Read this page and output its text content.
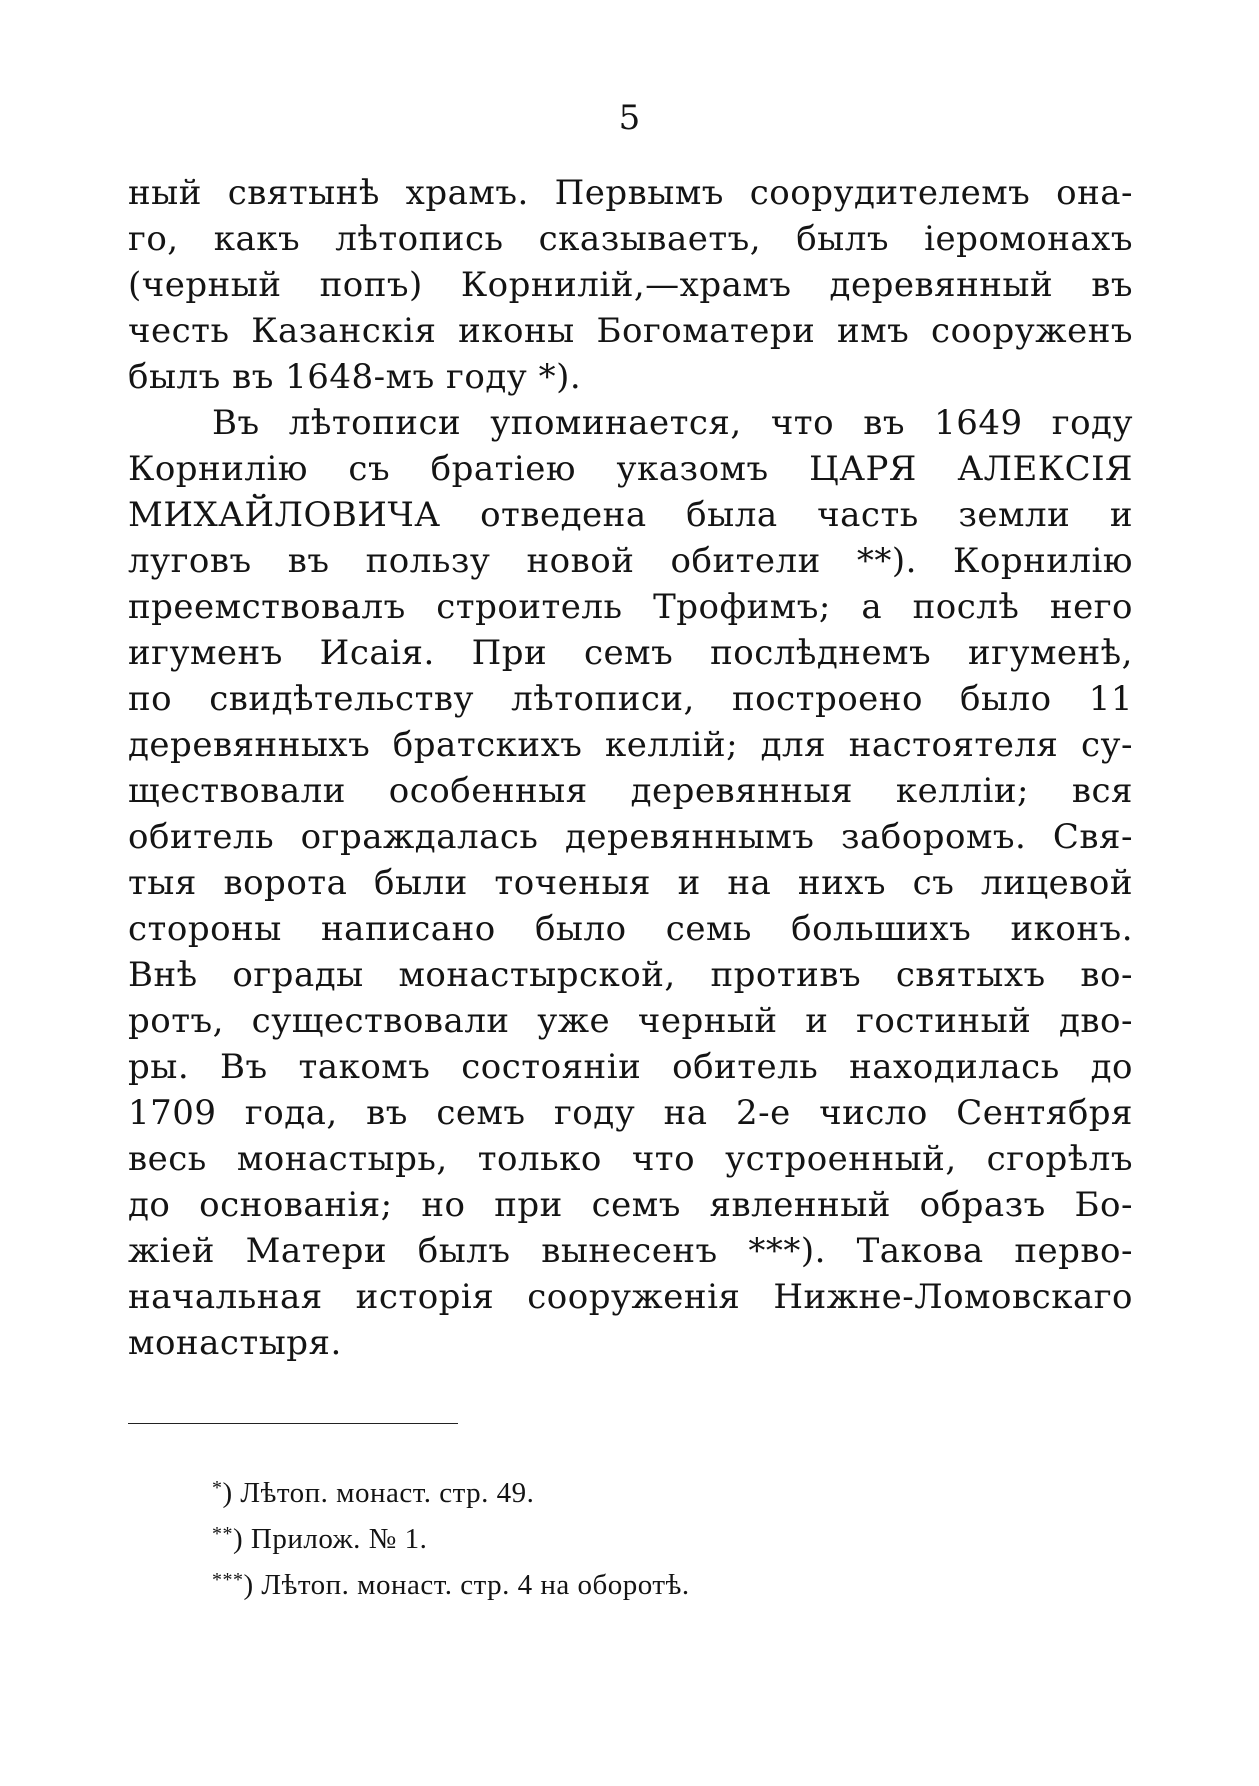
5
ный святынѣ храмъ. Первымъ соорудителемъ она-
го, какъ лѣтопись сказываетъ, былъ іеромонахъ
(черный попъ) Корнилій,—храмъ деревянный въ
честь Казанскія иконы Богоматери имъ сооруженъ
былъ въ 1648-мъ году *).
Въ лѣтописи упоминается, что въ 1649 году
Корнилію съ братіею указомъ ЦАРЯ АЛЕКСІЯ
МИХАЙЛОВИЧА отведена была часть земли и
луговъ въ пользу новой обители **). Корнилію
преемствовалъ строитель Трофимъ; а послѣ него
игуменъ Исаія. При семъ послѣднемъ игуменѣ,
по свидѣтельству лѣтописи, построено было 11
деревянныхъ братскихъ келлій; для настоятеля су-
ществовали особенныя деревянныя келліи; вся
обитель ограждалась деревяннымъ заборомъ. Свя-
тыя ворота были точеныя и на нихъ съ лицевой
стороны написано было семь большихъ иконъ.
Внѣ ограды монастырской, противъ святыхъ во-
ротъ, существовали уже черный и гостиный дво-
ры. Въ такомъ состояніи обитель находилась до
1709 года, въ семъ году на 2-е число Сентября
весь монастырь, только что устроенный, сгорѣлъ
до основанія; но при семъ явленный образъ Бо-
жіей Матери былъ вынесенъ ***). Такова перво-
начальная исторія сооруженія Нижне-Ломовскаго
монастыря.
*) Лѣтоп. монаст. стр. 49.
**) Прилож. № 1.
***) Лѣтоп. монаст. стр. 4 на оборотѣ.
